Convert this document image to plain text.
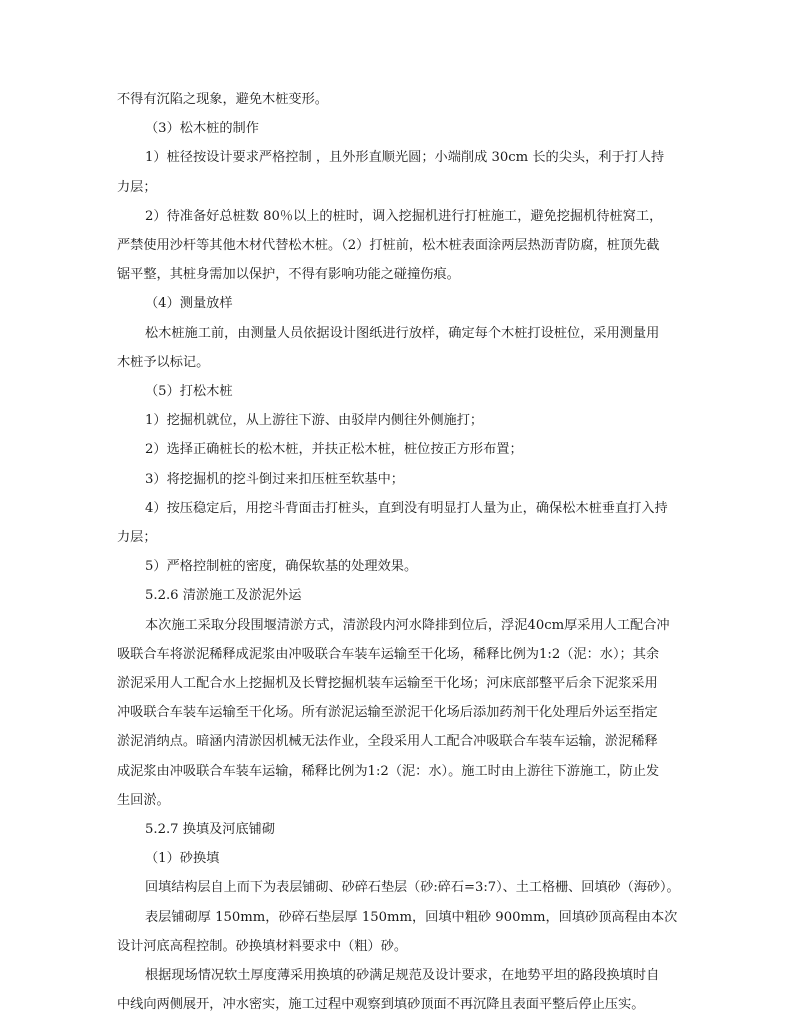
不得有沉陷之现象，避免木桩变形。
（3）松木桩的制作
1）桩径按设计要求严格控制 ，且外形直顺光圆；小端削成 30cm 长的尖头，利于打人持
力层；
2）待准备好总桩数 80％以上的桩时，调入挖掘机进行打桩施工，避免挖掘机待桩窝工，
严禁使用沙杆等其他木材代替松木桩。（2）打桩前，松木桩表面涂两层热沥青防腐，桩顶先截
锯平整，其桩身需加以保护，不得有影响功能之碰撞伤痕。
（4）测量放样
松木桩施工前，由测量人员依据设计图纸进行放样，确定每个木桩打设桩位，采用测量用
木桩予以标记。
（5）打松木桩
1）挖掘机就位，从上游往下游、由驳岸内侧往外侧施打；
2）选择正确桩长的松木桩，并扶正松木桩，桩位按正方形布置；
3）将挖掘机的挖斗倒过来扣压桩至软基中；
4）按压稳定后，用挖斗背面击打桩头，直到没有明显打人量为止，确保松木桩垂直打入持
力层；
5）严格控制桩的密度，确保软基的处理效果。
5.2.6 清淤施工及淤泥外运
本次施工采取分段围堰清淤方式，清淤段内河水降排到位后，浮泥40cm厚采用人工配合冲
吸联合车将淤泥稀释成泥浆由冲吸联合车装车运输至干化场，稀释比例为1:2（泥：水）；其余
淤泥采用人工配合水上挖掘机及长臂挖掘机装车运输至干化场；河床底部整平后余下泥浆采用
冲吸联合车装车运输至干化场。所有淤泥运输至淤泥干化场后添加药剂干化处理后外运至指定
淤泥消纳点。暗涵内清淤因机械无法作业，全段采用人工配合冲吸联合车装车运输，淤泥稀释
成泥浆由冲吸联合车装车运输，稀释比例为1:2（泥：水）。施工时由上游往下游施工，防止发
生回淤。
5.2.7 换填及河底铺砌
（1）砂换填
回填结构层自上而下为表层铺砌、砂碎石垫层（砂:碎石=3:7）、土工格栅、回填砂（海砂）。
表层铺砌厚 150mm，砂碎石垫层厚 150mm，回填中粗砂 900mm，回填砂顶高程由本次
设计河底高程控制。砂换填材料要求中（粗）砂。
根据现场情况软土厚度薄采用换填的砂满足规范及设计要求，在地势平坦的路段换填时自
中线向两侧展开，冲水密实，施工过程中观察到填砂顶面不再沉降且表面平整后停止压实。
